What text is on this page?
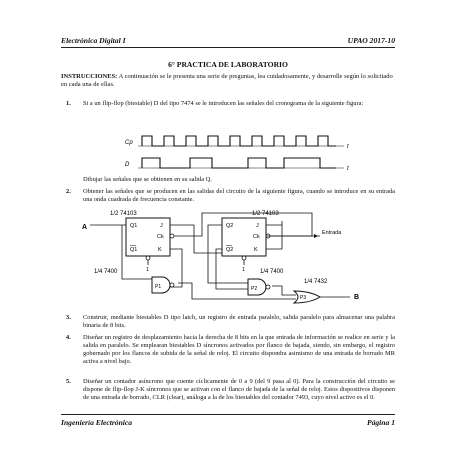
Electrónica Digital I	UPAO 2017-10
6° PRACTICA DE LABORATORIO
INSTRUCCIONES: A continuación se le presenta una serie de preguntas, lea cuidadosamente, y desarrolle según lo solicitado en cada una de ellas.
1. Si a un flip-flop (biestable) D del tipo 7474 se le introducen las señales del cronograma de la siguiente figura:
Cp
D
t
t
Dibujar las señales que se obtienen en su salida Q.
2. Obtener las señales que se producen en las salidas del circuito de la siguiente figura, cuando se introduce en su entrada una onda cuadrada de frecuencia constante.
1/2 74103	1/2 74103
A	Q1	J
Ck
Q1	K
1
Q2	J
Ck
Q2	K
1
Entrada
1/4 7400	1/4 7400
1/4 7432
P1	P2
P3	B
3. Construir, mediante biestables D tipo latch, un registro de entrada paralelo, salida paralelo para almacenar una palabra binaria de 8 bits.
4. Diseñar un registro de desplazamiento hacia la derecha de 8 bits en la que entrada de información se realice en serie y la salida en paralelo. Se emplearan biestables D síncronos activados por flanco de bajada, siendo, sin embargo, el registro gobernado por los flancos de subida de la señal de reloj. El circuito dispondra asimismo de una entrada de borrado MR activa a nivel bajo.
5. Diseñar un contador asíncrono que cuente cíclicamente de 0 a 9 (del 9 pasa al 0). Para la construcción del circuito se dispone de flip-flop J-K síncronos que se activan con el flanco de bajada de la señal de reloj. Estos dispositivos disponen de una entrada de borrado, CLR (clear), análoga a la de los biestables del contador 7493, cuyo nivel activo es el 0.
Ingeniería Electrónica	Página 1
